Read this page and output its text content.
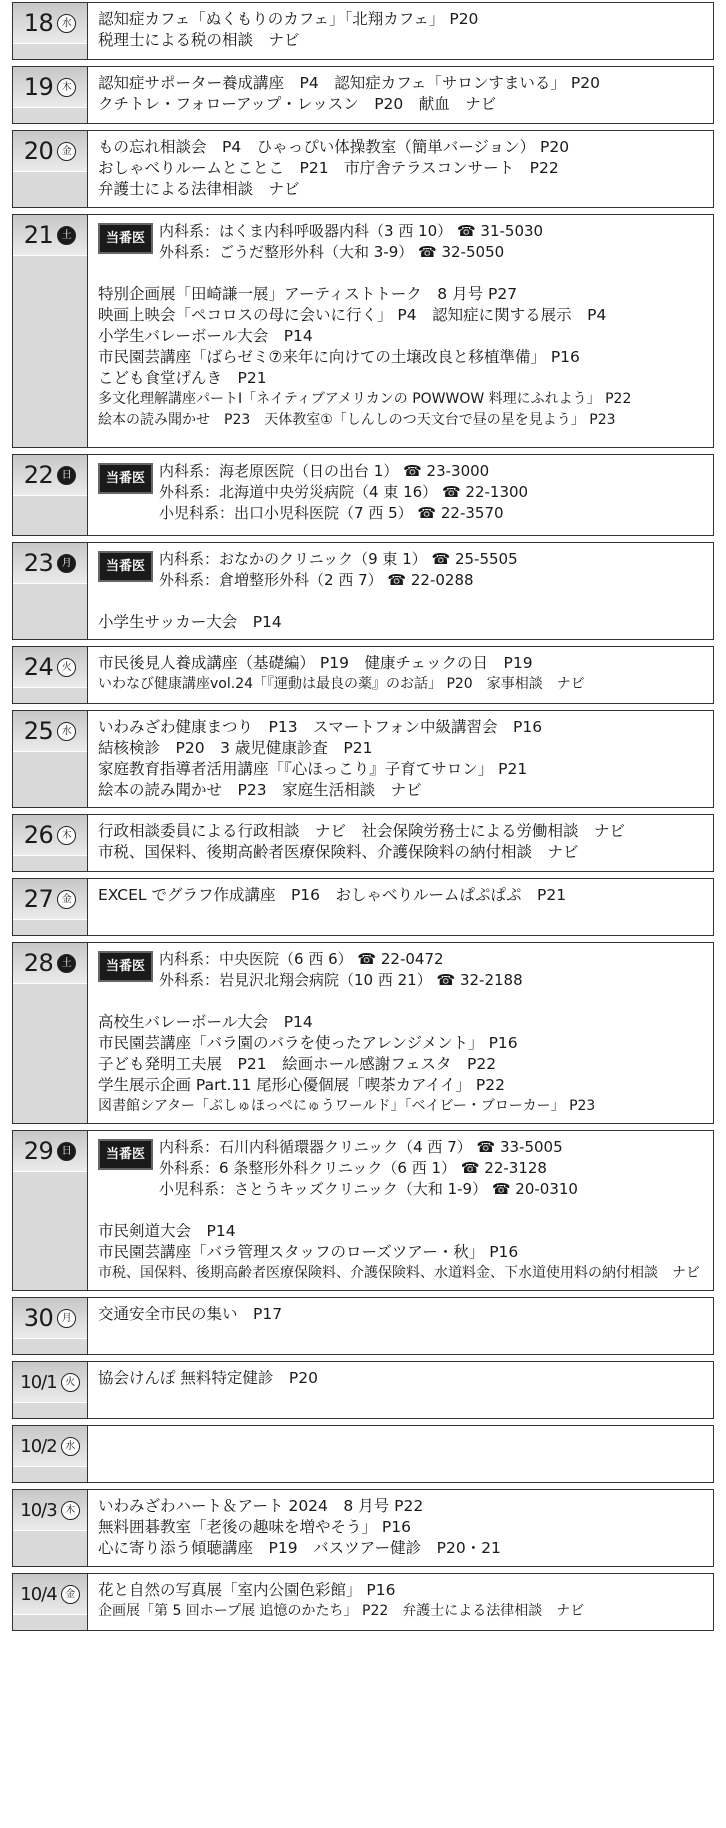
18 水 認知症カフェ「ぬくもりのカフェ」「北翔カフェ」 P20
税理士による税の相談　ナビ
19 木 認知症サポーター養成講座　P4　認知症カフェ「サロンすまいる」 P20
クチトレ・フォローアップ・レッスン　P20　献血　ナビ
20 金 もの忘れ相談会　P4　ひゃっぴい体操教室（簡単バージョン） P20
おしゃべりルームとことこ　P21　市庁舎テラスコンサート　P22
弁護士による法律相談　ナビ
21 土	当番医 内科系：はくま内科呼吸器内科（3 西 10） ☎ 31-5030
外科系：ごうだ整形外科（大和 3-9） ☎ 32-5050
特別企画展「田崎謙一展」アーティストトーク　8 月号 P27
映画上映会「ペコロスの母に会いに行く」 P4　認知症に関する展示　P4
小学生バレーボール大会　P14
市民園芸講座「ばらゼミ⑦来年に向けての土壌改良と移植準備」 P16
こども食堂げんき　P21
多文化理解講座パートⅠ「ネイティブアメリカンの POWWOW 料理にふれよう」 P22
絵本の読み聞かせ　P23　天体教室①「しんしのつ天文台で昼の星を見よう」 P23
22 日	当番医 内科系：海老原医院（日の出台 1） ☎ 23-3000
外科系：北海道中央労災病院（4 東 16） ☎ 22-1300
小児科系：出口小児科医院（7 西 5） ☎ 22-3570
23 月	当番医 内科系：おなかのクリニック（9 東 1） ☎ 25-5505
外科系：倉増整形外科（2 西 7） ☎ 22-0288
小学生サッカー大会　P14
24 火 市民後見人養成講座（基礎編） P19　健康チェックの日　P19
いわなび健康講座vol.24「『運動は最良の薬』のお話」 P20　家事相談　ナビ
25 水 いわみざわ健康まつり　P13　スマートフォン中級講習会　P16
結核検診　P20　3 歳児健康診査　P21
家庭教育指導者活用講座「『心ほっこり』子育てサロン」 P21
絵本の読み聞かせ　P23　家庭生活相談　ナビ
26 木 行政相談委員による行政相談　ナビ　社会保険労務士による労働相談　ナビ
市税、国保料、後期高齢者医療保険料、介護保険料の納付相談　ナビ
27 金 EXCEL でグラフ作成講座　P16　おしゃべりルームぱぷぱぷ　P21
28 土	当番医 内科系：中央医院（6 西 6） ☎ 22-0472
外科系：岩見沢北翔会病院（10 西 21） ☎ 32-2188
高校生バレーボール大会　P14
市民園芸講座「バラ園のバラを使ったアレンジメント」 P16
子ども発明工夫展　P21　絵画ホール感謝フェスタ　P22
学生展示企画 Part.11 尾形心優個展「喫茶カアイイ」 P22
図書館シアター「ぷしゅほっぺにゅうワールド」「ベイビー・ブローカー」 P23
29 日	当番医 内科系：石川内科循環器クリニック（4 西 7） ☎ 33-5005
外科系：6 条整形外科クリニック（6 西 1） ☎ 22-3128
小児科系：さとうキッズクリニック（大和 1-9） ☎ 20-0310
市民剣道大会　P14
市民園芸講座「バラ管理スタッフのローズツアー・秋」 P16
市税、国保料、後期高齢者医療保険料、介護保険料、水道料金、下水道使用料の納付相談　ナビ
30 月 交通安全市民の集い　P17
10/1 火 協会けんぽ 無料特定健診　P20
10/2 水
10/3 木 いわみざわハート＆アート 2024　8 月号 P22
無料囲碁教室「老後の趣味を増やそう」 P16
心に寄り添う傾聴講座　P19　バスツアー健診　P20・21
10/4 金 花と自然の写真展「室内公園色彩館」 P16
企画展「第 5 回ホープ展 追憶のかたち」 P22　弁護士による法律相談　ナビ
